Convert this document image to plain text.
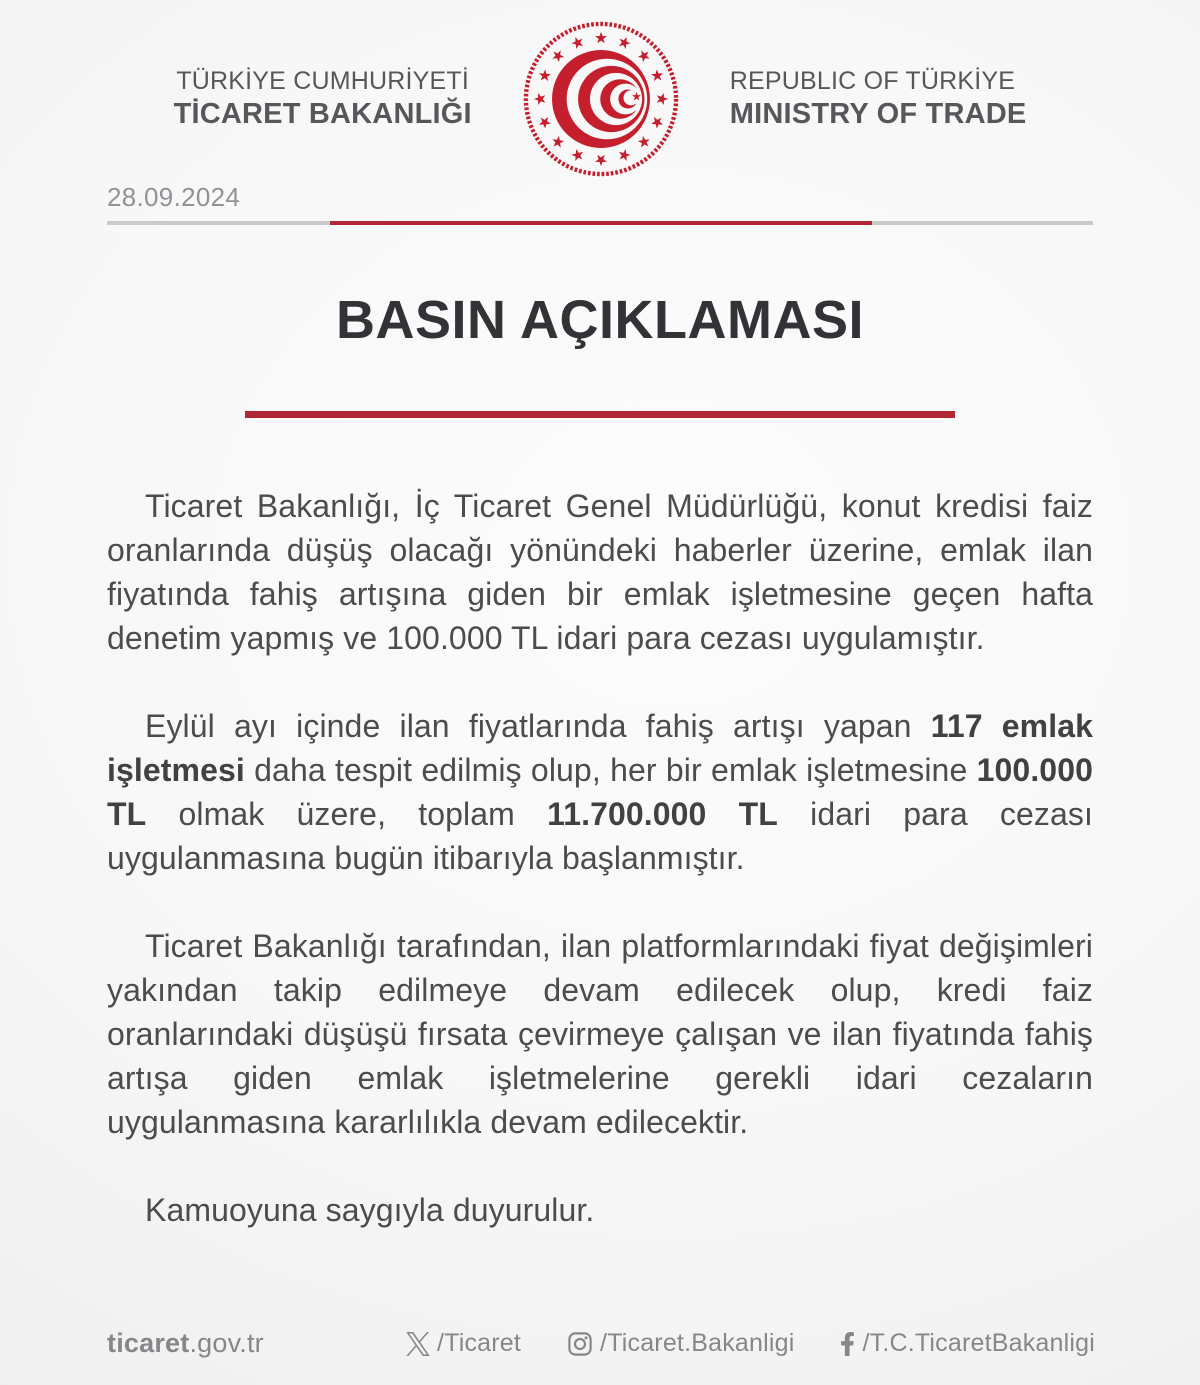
TÜRKİYE CUMHURİYETİ
TİCARET BAKANLIĞI
REPUBLIC OF TÜRKİYE
MINISTRY OF TRADE
28.09.2024
BASIN AÇIKLAMASI

Ticaret Bakanlığı, İç Ticaret Genel Müdürlüğü, konut kredisi faiz oranlarında düşüş olacağı yönündeki haberler üzerine, emlak ilan fiyatında fahiş artışına giden bir emlak işletmesine geçen hafta denetim yapmış ve 100.000 TL idari para cezası uygulamıştır.

Eylül ayı içinde ilan fiyatlarında fahiş artışı yapan 117 emlak işletmesi daha tespit edilmiş olup, her bir emlak işletmesine 100.000 TL olmak üzere, toplam 11.700.000 TL idari para cezası uygulanmasına bugün itibarıyla başlanmıştır.

Ticaret Bakanlığı tarafından, ilan platformlarındaki fiyat değişimleri yakından takip edilmeye devam edilecek olup, kredi faiz oranlarındaki düşüşü fırsata çevirmeye çalışan ve ilan fiyatında fahiş artışa giden emlak işletmelerine gerekli idari cezaların uygulanmasına kararlılıkla devam edilecektir.

Kamuoyuna saygıyla duyurulur.

ticaret.gov.tr	/Ticaret	/Ticaret.Bakanligi	/T.C.TicaretBakanligi
